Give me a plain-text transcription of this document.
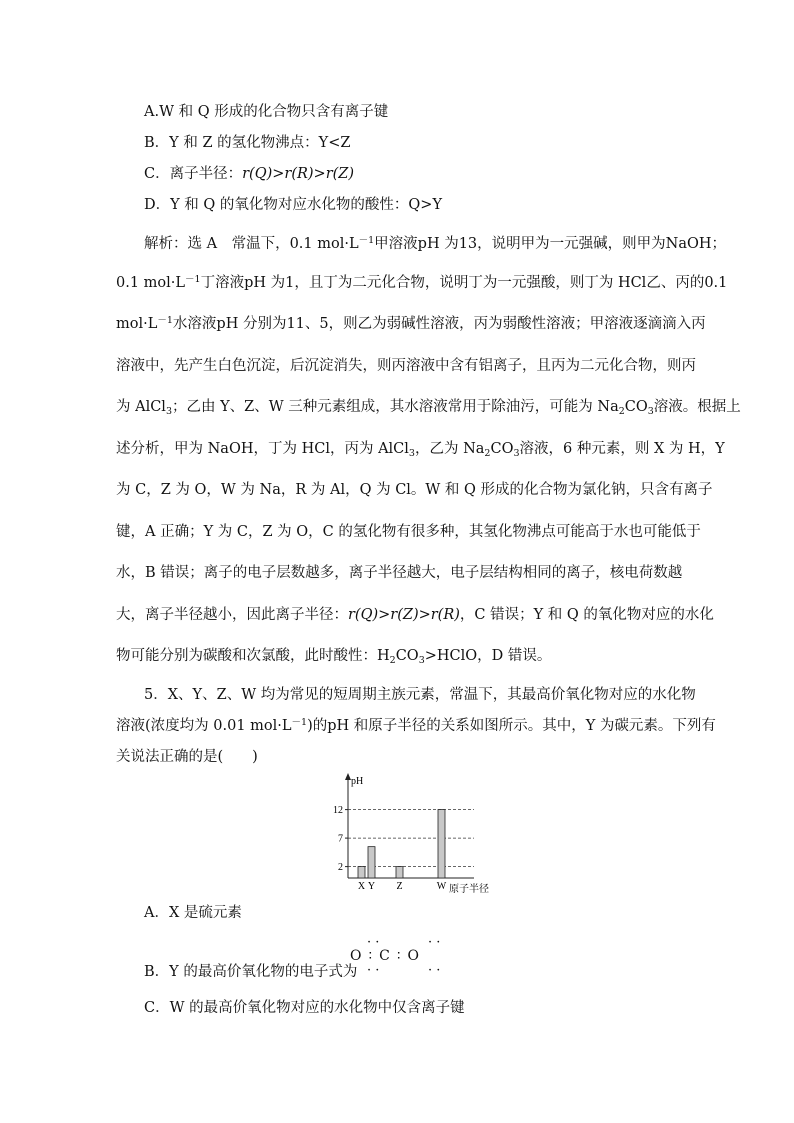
A.W 和 Q 形成的化合物只含有离子键
B．Y 和 Z 的氢化物沸点：Y<Z
C．离子半径：r(Q)>r(R)>r(Z)
D．Y 和 Q 的氧化物对应水化物的酸性：Q>Y
解析：选 A　常温下，0.1 $mol\cdot L^{-1}$甲溶液pH 为13，说明甲为一元强碱，则甲为NaOH；
0.1 $mol\cdot L^{-1}$丁溶液pH 为1，且丁为二元化合物，说明丁为一元强酸，则丁为 HCl乙、丙的0.1
$mol\cdot L^{-1}$水溶液pH 分别为11、5，则乙为弱碱性溶液，丙为弱酸性溶液；甲溶液逐滴滴入丙
溶液中，先产生白色沉淀，后沉淀消失，则丙溶液中含有铝离子，且丙为二元化合物，则丙
为 AlCl$_3$；乙由 Y、Z、W 三种元素组成，其水溶液常用于除油污，可能为 $Na_2CO_3$溶液。根据上
述分析，甲为 NaOH，丁为 HCl，丙为 AlCl$_3$，乙为 $Na_2CO_3$溶液，6 种元素，则 X 为 H，Y
为 C，Z 为 O，W 为 Na，R 为 Al，Q 为 Cl。W 和 Q 形成的化合物为氯化钠，只含有离子
键，A 正确；Y 为 C，Z 为 O，C 的氢化物有很多种，其氢化物沸点可能高于水也可能低于
水，B 错误；离子的电子层数越多，离子半径越大，电子层结构相同的离子，核电荷数越
大，离子半径越小，因此离子半径：r(Q)>r(Z)>r(R)，C 错误；Y 和 Q 的氧化物对应的水化
物可能分别为碳酸和次氯酸，此时酸性：$H_2CO_3>HClO$，D 错误。
5．X、Y、Z、W 均为常见的短周期主族元素，常温下，其最高价氧化物对应的水化物
溶液(浓度均为 0.01 $mol\cdot L^{-1}$)的pH 和原子半径的关系如图所示。其中，Y 为碳元素。下列有
关说法正确的是(　　)
pH
2
7
12
X Y Z	W 原子半径
A．X 是硫元素
B．Y 的最高价氧化物的电子式为
· ·	· ·
O∶C∶O
· ·	· ·
C．W 的最高价氧化物对应的水化物中仅含离子键
